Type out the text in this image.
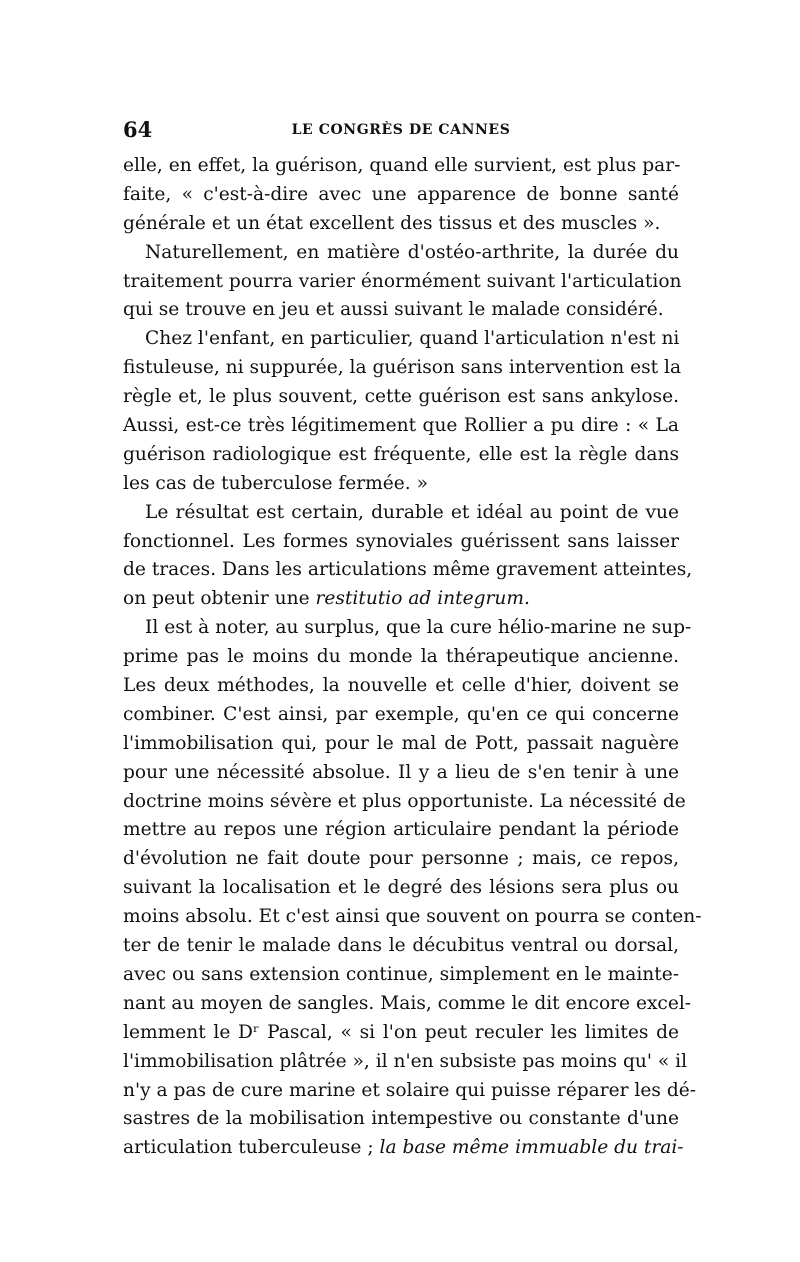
64	LE CONGRÈS DE CANNES
elle, en effet, la guérison, quand elle survient, est plus par-
faite, « c'est-à-dire avec une apparence de bonne santé
générale et un état excellent des tissus et des muscles ».
Naturellement, en matière d'ostéo-arthrite, la durée du
traitement pourra varier énormément suivant l'articulation
qui se trouve en jeu et aussi suivant le malade considéré.
Chez l'enfant, en particulier, quand l'articulation n'est ni
fistuleuse, ni suppurée, la guérison sans intervention est la
règle et, le plus souvent, cette guérison est sans ankylose.
Aussi, est-ce très légitimement que Rollier a pu dire : « La
guérison radiologique est fréquente, elle est la règle dans
les cas de tuberculose fermée. »
Le résultat est certain, durable et idéal au point de vue
fonctionnel. Les formes synoviales guérissent sans laisser
de traces. Dans les articulations même gravement atteintes,
on peut obtenir une restitutio ad integrum.
Il est à noter, au surplus, que la cure hélio-marine ne sup-
prime pas le moins du monde la thérapeutique ancienne.
Les deux méthodes, la nouvelle et celle d'hier, doivent se
combiner. C'est ainsi, par exemple, qu'en ce qui concerne
l'immobilisation qui, pour le mal de Pott, passait naguère
pour une nécessité absolue. Il y a lieu de s'en tenir à une
doctrine moins sévère et plus opportuniste. La nécessité de
mettre au repos une région articulaire pendant la période
d'évolution ne fait doute pour personne ; mais, ce repos,
suivant la localisation et le degré des lésions sera plus ou
moins absolu. Et c'est ainsi que souvent on pourra se conten-
ter de tenir le malade dans le décubitus ventral ou dorsal,
avec ou sans extension continue, simplement en le mainte-
nant au moyen de sangles. Mais, comme le dit encore excel-
lemment le Dʳ Pascal, « si l'on peut reculer les limites de
l'immobilisation plâtrée », il n'en subsiste pas moins qu' « il
n'y a pas de cure marine et solaire qui puisse réparer les dé-
sastres de la mobilisation intempestive ou constante d'une
articulation tuberculeuse ; la base même immuable du trai-
